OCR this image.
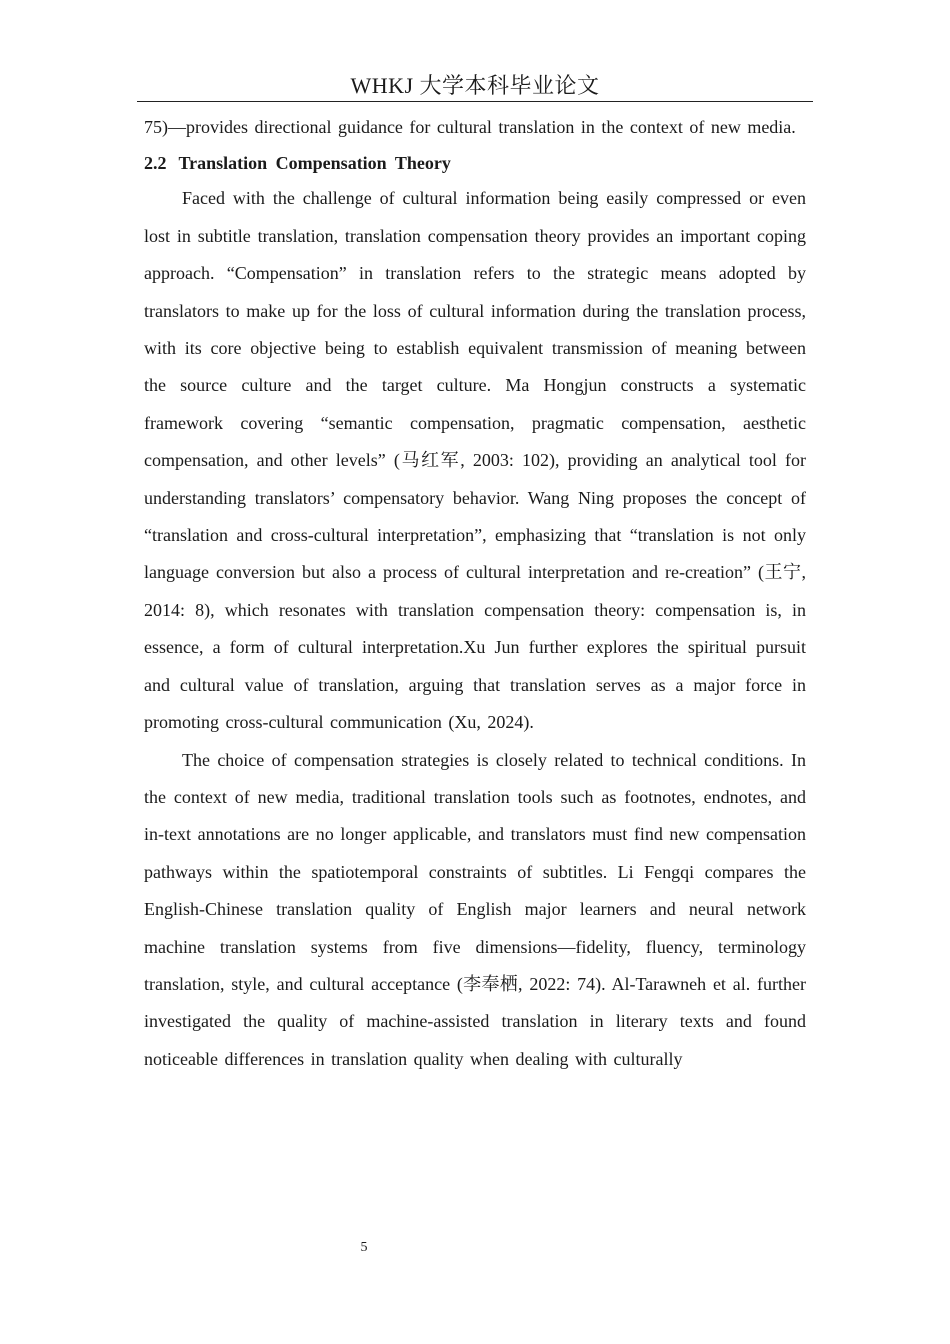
WHKJ 大学本科毕业论文

75)—provides directional guidance for cultural translation in the context of new media.

2.2 Translation Compensation Theory

Faced with the challenge of cultural information being easily compressed or even lost in subtitle translation, translation compensation theory provides an important coping approach. “Compensation” in translation refers to the strategic means adopted by translators to make up for the loss of cultural information during the translation process, with its core objective being to establish equivalent transmission of meaning between the source culture and the target culture. Ma Hongjun constructs a systematic framework covering “semantic compensation, pragmatic compensation, aesthetic compensation, and other levels” (马红军, 2003: 102), providing an analytical tool for understanding translators’ compensatory behavior. Wang Ning proposes the concept of “translation and cross-cultural interpretation”, emphasizing that “translation is not only language conversion but also a process of cultural interpretation and re-creation” (王宁, 2014: 8), which resonates with translation compensation theory: compensation is, in essence, a form of cultural interpretation.Xu Jun further explores the spiritual pursuit and cultural value of translation, arguing that translation serves as a major force in promoting cross-cultural communication (Xu, 2024).

The choice of compensation strategies is closely related to technical conditions. In the context of new media, traditional translation tools such as footnotes, endnotes, and in-text annotations are no longer applicable, and translators must find new compensation pathways within the spatiotemporal constraints of subtitles. Li Fengqi compares the English-Chinese translation quality of English major learners and neural network machine translation systems from five dimensions—fidelity, fluency, terminology translation, style, and cultural acceptance (李奉栖, 2022: 74). Al-Tarawneh et al. further investigated the quality of machine-assisted translation in literary texts and found noticeable differences in translation quality when dealing with culturally

5
